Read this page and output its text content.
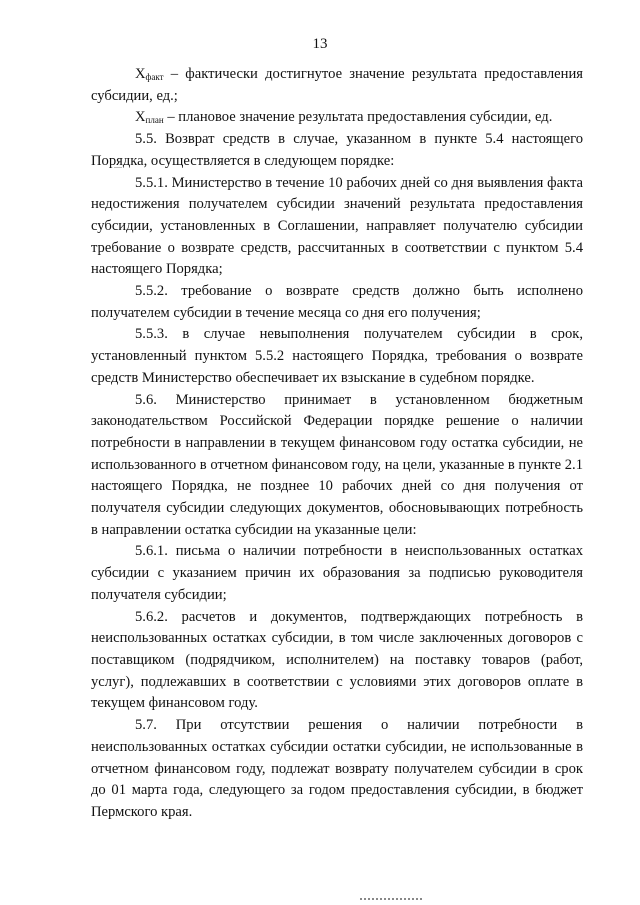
13

$X_{факт}$ – фактически достигнутое значение результата предоставления субсидии, ед.;

$X_{план}$ – плановое значение результата предоставления субсидии, ед.

5.5. Возврат средств в случае, указанном в пункте 5.4 настоящего Порядка, осуществляется в следующем порядке:

5.5.1. Министерство в течение 10 рабочих дней со дня выявления факта недостижения получателем субсидии значений результата предоставления субсидии, установленных в Соглашении, направляет получателю субсидии требование о возврате средств, рассчитанных в соответствии с пунктом 5.4 настоящего Порядка;

5.5.2. требование о возврате средств должно быть исполнено получателем субсидии в течение месяца со дня его получения;

5.5.3. в случае невыполнения получателем субсидии в срок, установленный пунктом 5.5.2 настоящего Порядка, требования о возврате средств Министерство обеспечивает их взыскание в судебном порядке.

5.6. Министерство принимает в установленном бюджетным законодательством Российской Федерации порядке решение о наличии потребности в направлении в текущем финансовом году остатка субсидии, не использованного в отчетном финансовом году, на цели, указанные в пункте 2.1 настоящего Порядка, не позднее 10 рабочих дней со дня получения от получателя субсидии следующих документов, обосновывающих потребность в направлении остатка субсидии на указанные цели:

5.6.1. письма о наличии потребности в неиспользованных остатках субсидии с указанием причин их образования за подписью руководителя получателя субсидии;

5.6.2. расчетов и документов, подтверждающих потребность в неиспользованных остатках субсидии, в том числе заключенных договоров с поставщиком (подрядчиком, исполнителем) на поставку товаров (работ, услуг), подлежавших в соответствии с условиями этих договоров оплате в текущем финансовом году.

5.7. При отсутствии решения о наличии потребности в неиспользованных остатках субсидии остатки субсидии, не использованные в отчетном финансовом году, подлежат возврату получателем субсидии в срок до 01 марта года, следующего за годом предоставления субсидии, в бюджет Пермского края.
